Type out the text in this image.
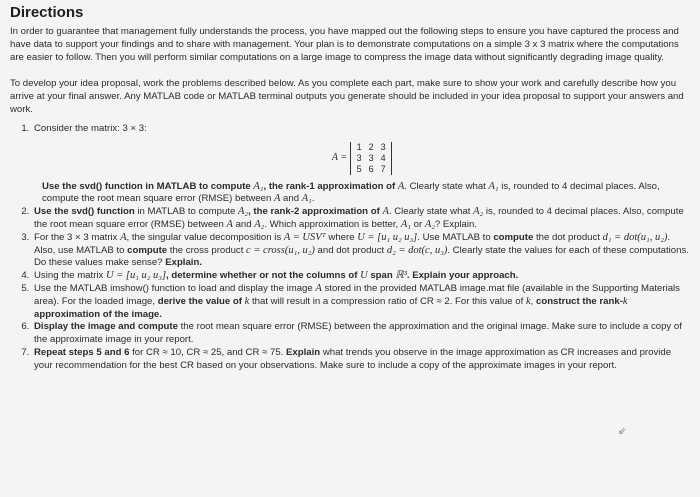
Directions

In order to guarantee that management fully understands the process, you have mapped out the following steps to ensure you have captured the process and have data to support your findings and to share with management. Your plan is to demonstrate computations on a simple 3 x 3 matrix where the computations are easier to follow. Then you will perform similar computations on a large image to compress the image data without significantly degrading image quality.

To develop your idea proposal, work the problems described below. As you complete each part, make sure to show your work and carefully describe how you arrive at your final answer. Any MATLAB code or MATLAB terminal outputs you generate should be included in your idea proposal to support your answers and work.

1. Consider the matrix: 3 × 3:
A =
1 2 3
3 3 4
5 6 7
Use the svd() function in MATLAB to compute A₁, the rank-1 approximation of A. Clearly state what A₁ is, rounded to 4 decimal places. Also, compute the root mean square error (RMSE) between A and A₁.
2. Use the svd() function in MATLAB to compute A₂, the rank-2 approximation of A. Clearly state what A₂ is, rounded to 4 decimal places. Also, compute the root mean square error (RMSE) between A and A₂. Which approximation is better, A₁ or A₂? Explain.
3. For the 3 × 3 matrix A, the singular value decomposition is A = USVᵀ where U = [u₁ u₂ u₃]. Use MATLAB to compute the dot product d₁ = dot(u₁, u₂). Also, use MATLAB to compute the cross product c = cross(u₁, u₂) and dot product d₂ = dot(c, u₃). Clearly state the values for each of these computations. Do these values make sense? Explain.
4. Using the matrix U = [u₁ u₂ u₃], determine whether or not the columns of U span ℝ³. Explain your approach.
5. Use the MATLAB imshow() function to load and display the image A stored in the provided MATLAB image.mat file (available in the Supporting Materials area). For the loaded image, derive the value of k that will result in a compression ratio of CR ≈ 2. For this value of k, construct the rank-k approximation of the image.
6. Display the image and compute the root mean square error (RMSE) between the approximation and the original image. Make sure to include a copy of the approximate image in your report.
7. Repeat steps 5 and 6 for CR ≈ 10, CR ≈ 25, and CR ≈ 75. Explain what trends you observe in the image approximation as CR increases and provide your recommendation for the best CR based on your observations. Make sure to include a copy of the approximate images in your report.
⇙
